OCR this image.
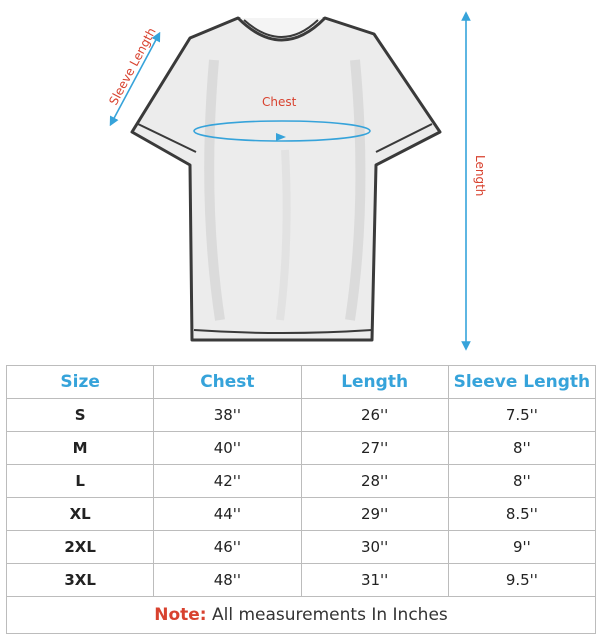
Sleeve Length	Chest
Length
Size	Chest	Length	Sleeve Length
S	38''	26''	7.5''
M	40''	27''	8''
L	42''	28''	8''
XL	44''	29''	8.5''
2XL	46''	30''	9''
3XL	48''	31''	9.5''
Note: All measurements In Inches			
